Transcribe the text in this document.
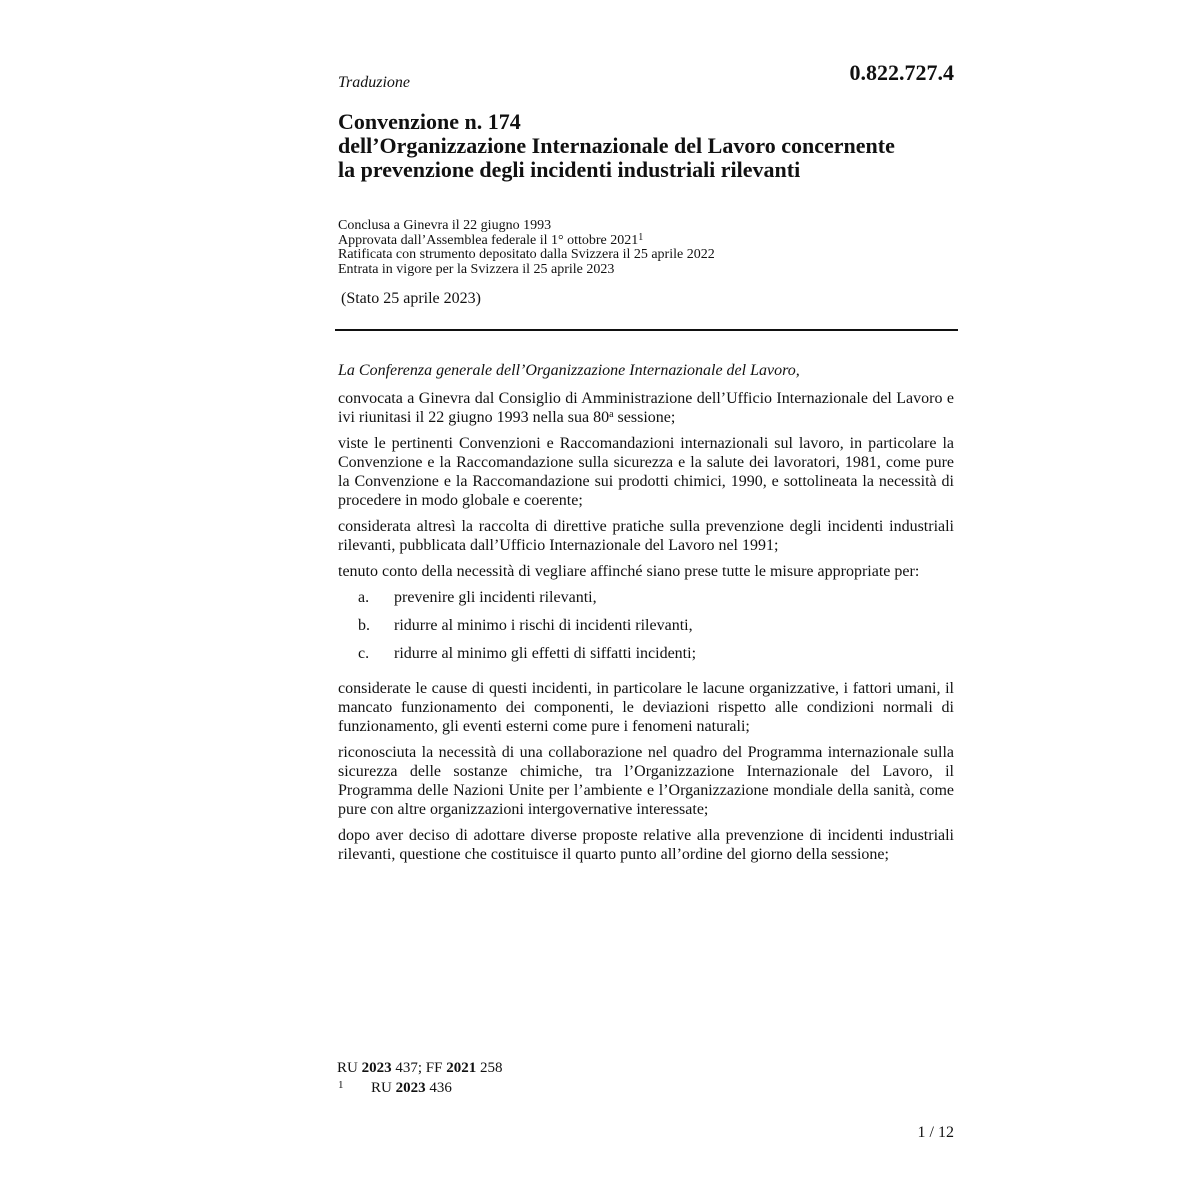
Traduzione	0.822.727.4
Convenzione n. 174
dell’Organizzazione Internazionale del Lavoro concernente
la prevenzione degli incidenti industriali rilevanti
Conclusa a Ginevra il 22 giugno 1993
Approvata dall’Assemblea federale il 1° ottobre 2021$^1$
Ratificata con strumento depositato dalla Svizzera il 25 aprile 2022
Entrata in vigore per la Svizzera il 25 aprile 2023
(Stato 25 aprile 2023)

La Conferenza generale dell’Organizzazione Internazionale del Lavoro,

convocata a Ginevra dal Consiglio di Amministrazione dell’Ufficio Internazionale del Lavoro e ivi riunitasi il 22 giugno 1993 nella sua 80$^a$ sessione;

viste le pertinenti Convenzioni e Raccomandazioni internazionali sul lavoro, in particolare la Convenzione e la Raccomandazione sulla sicurezza e la salute dei lavoratori, 1981, come pure la Convenzione e la Raccomandazione sui prodotti chimici, 1990, e sottolineata la necessità di procedere in modo globale e coerente;

considerata altresì la raccolta di direttive pratiche sulla prevenzione degli incidenti industriali rilevanti, pubblicata dall’Ufficio Internazionale del Lavoro nel 1991;

tenuto conto della necessità di vegliare affinché siano prese tutte le misure appropriate per:

a.	prevenire gli incidenti rilevanti,
b.	ridurre al minimo i rischi di incidenti rilevanti,
c.	ridurre al minimo gli effetti di siffatti incidenti;

considerate le cause di questi incidenti, in particolare le lacune organizzative, i fattori umani, il mancato funzionamento dei componenti, le deviazioni rispetto alle condizioni normali di funzionamento, gli eventi esterni come pure i fenomeni naturali;

riconosciuta la necessità di una collaborazione nel quadro del Programma internazionale sulla sicurezza delle sostanze chimiche, tra l’Organizzazione Internazionale del Lavoro, il Programma delle Nazioni Unite per l’ambiente e l’Organizzazione mondiale della sanità, come pure con altre organizzazioni intergovernative interessate;

dopo aver deciso di adottare diverse proposte relative alla prevenzione di incidenti industriali rilevanti, questione che costituisce il quarto punto all’ordine del giorno della sessione;

RU 2023 437; FF 2021 258
1	RU 2023 436
1 / 12
